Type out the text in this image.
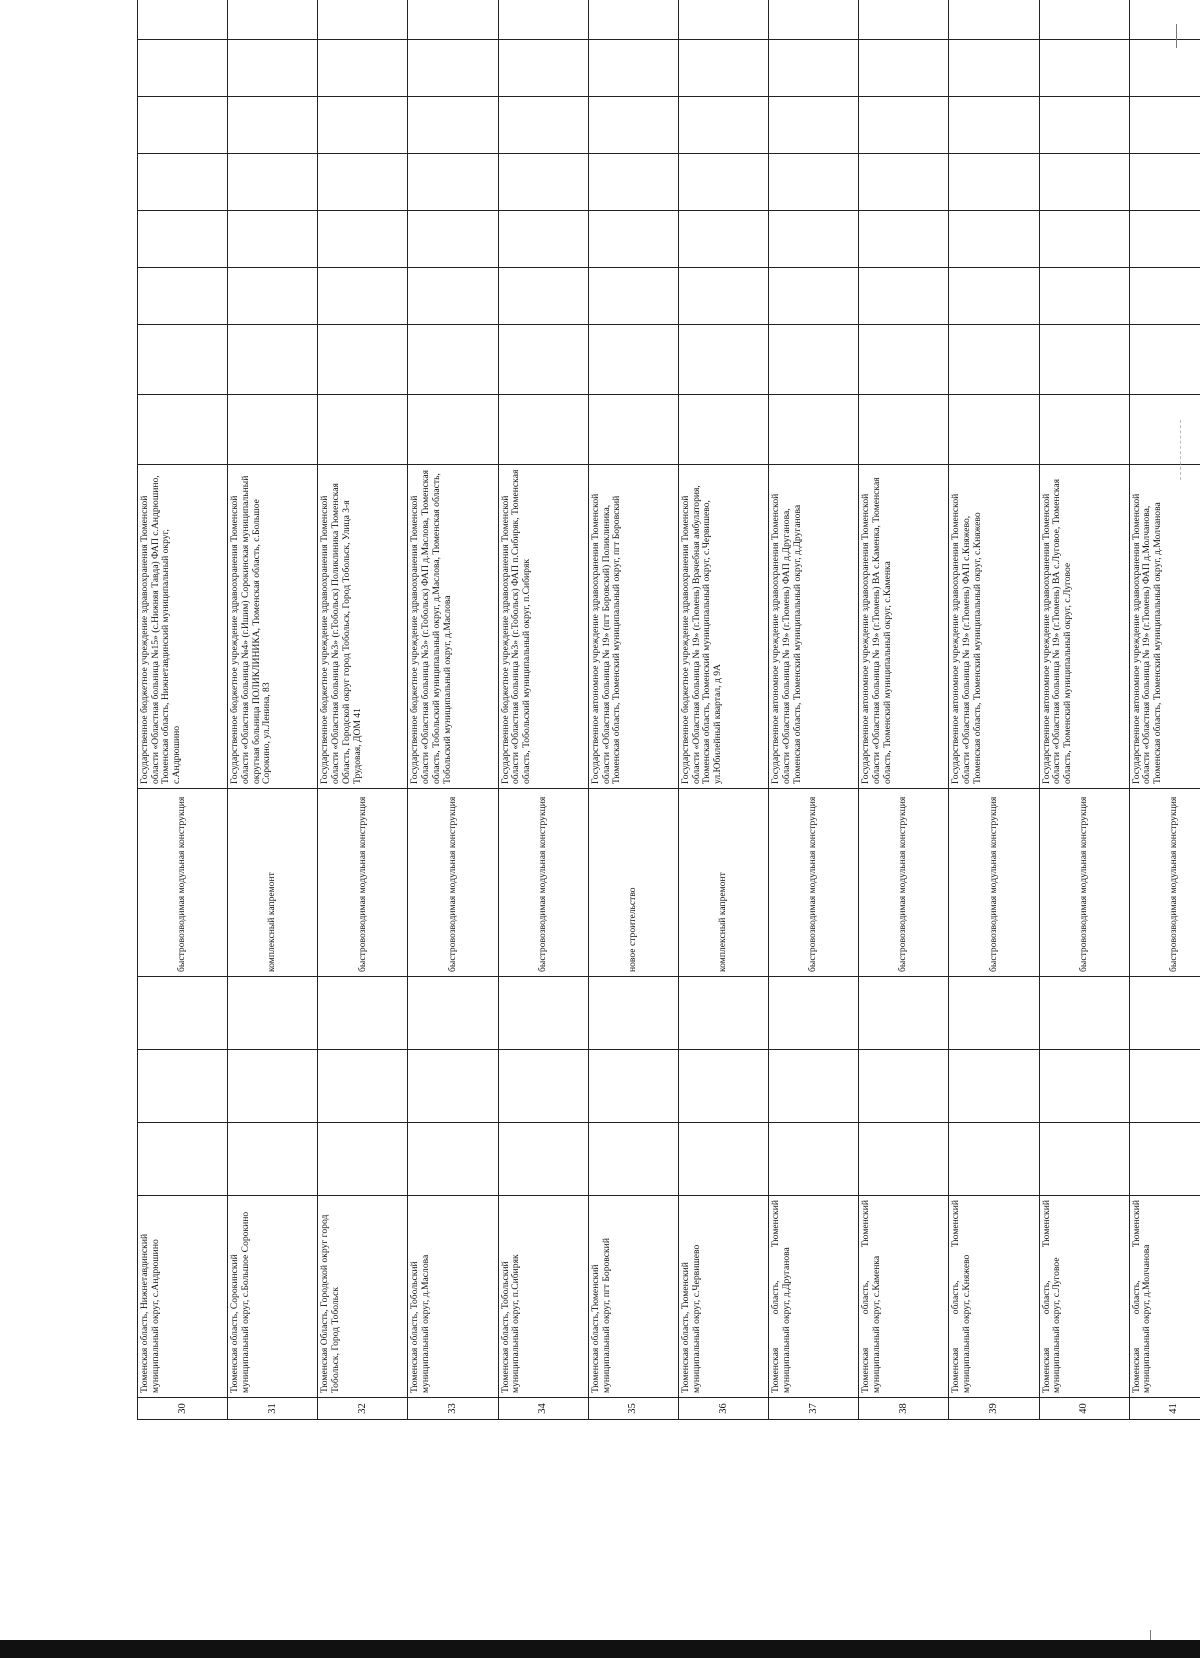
30	Тюменская область, Нижнетавдинский муниципальный округ, с.Андрюшино				быстровозводимая модульная конструкция	Государственное бюджетное учреждение здравоохранения Тюменской области «Областная больница №15» (с.Нижняя Тавда) ФАП с.Андрюшино, Тюменская область, Нижнетавдинский муниципальный округ, с.Андрюшино								
31	Тюменская область, Сорокинский муниципальный округ, с.Большое Сорокино				комплексный капремонт	Государственное бюджетное учреждение здравоохранения Тюменской области «Областная больница №4» (г.Ишим) Сорокинская муниципальный округная больница ПОЛИКЛИНИКА, Тюменская область, с.Большое Сорокино, ул.Ленина, 83								
32	Тюменская Область, Городской округ город Тобольск, Город Тобольск				быстровозводимая модульная конструкция	Государственное бюджетное учреждение здравоохранения Тюменской области «Областная больница №3» (г.Тобольск) Поликлиника Тюменская Область, Городской округ город Тобольск, Город Тобольск, Улица 3-я Трудовая, ДОМ 41								
33	Тюменская область, Тобольский муниципальный округ, д.Маслова				быстровозводимая модульная конструкция	Государственное бюджетное учреждение здравоохранения Тюменской области «Областная больница №3» (г.Тобольск) ФАП д.Маслова, Тюменская область, Тобольский муниципальный округ, д.Маслова, Тюменская область, Тобольский муниципальный округ, д.Маслова								
34	Тюменская область, Тобольский муниципальный округ, п.Сибиряк				быстровозводимая модульная конструкция	Государственное бюджетное учреждение здравоохранения Тюменской области «Областная больница №3» (г.Тобольск) ФАП п.Сибиряк, Тюменская область, Тобольский муниципальный округ, п.Сибиряк								
35	Тюменская область,Тюменский муниципальный округ, пгт Боровский				новое строительство	Государственное автономное учреждение здравоохранения Тюменской области «Областная больница № 19» (пгт Боровский) Поликлиника, Тюменская область, Тюменский муниципальный округ, пгт Боровский								
36	Тюменская область, Тюменский муниципальный округ, с.Червишево				комплексный капремонт	Государственное бюджетное учреждение здравоохранения Тюменской области «Областная больница № 19» (г.Тюмень) Врачебная амбулатория, Тюменская область, Тюменский муниципальный округ, с.Червишево, ул.Юбилейный квартал, д 9А								
37	Тюменская область, Тюменский муниципальный округ, д.Друганова				быстровозводимая модульная конструкция	Государственное автономное учреждение здравоохранения Тюменской области «Областная больница № 19» (г.Тюмень) ФАП д.Друганова, Тюменская область, Тюменский муниципальный округ, д.Друганова								
38	Тюменская область, Тюменский муниципальный округ, с.Каменка				быстровозводимая модульная конструкция	Государственное автономное учреждение здравоохранения Тюменской области «Областная больница № 19» (г.Тюмень) ВА с.Каменка, Тюменская область, Тюменский муниципальный округ, с.Каменка								
39	Тюменская область, Тюменский муниципальный округ, с.Княжево				быстровозводимая модульная конструкция	Государственное автономное учреждение здравоохранения Тюменской области «Областная больница № 19» (г.Тюмень) ФАП с.Княжево, Тюменская область, Тюменский муниципальный округ, с.Княжево								
40	Тюменская область, Тюменский муниципальный округ, с.Луговое				быстровозводимая модульная конструкция	Государственное автономное учреждение здравоохранения Тюменской области «Областная больница № 19» (г.Тюмень) ВА с.Луговое, Тюменская область, Тюменский муниципальный округ, с.Луговое								
41	Тюменская область, Тюменский муниципальный округ, д.Молчанова				быстровозводимая модульная конструкция	Государственное автономное учреждение здравоохранения Тюменской области «Областная больница № 19» (г.Тюмень) ФАП д.Молчанова, Тюменская область, Тюменский муниципальный округ, д.Молчанова								
